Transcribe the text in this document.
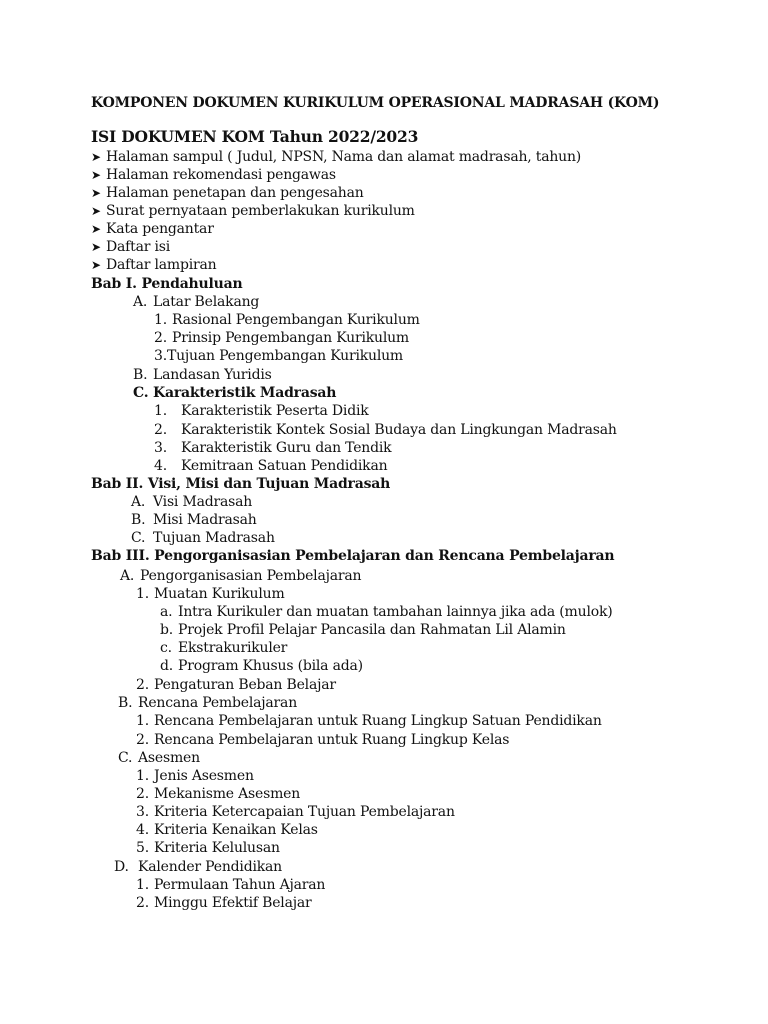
KOMPONEN DOKUMEN KURIKULUM OPERASIONAL MADRASAH (KOM)
ISI DOKUMEN KOM Tahun 2022/2023
➤ Halaman sampul ( Judul, NPSN, Nama dan alamat madrasah, tahun)
➤ Halaman rekomendasi pengawas
➤ Halaman penetapan dan pengesahan
➤ Surat pernyataan pemberlakukan kurikulum
➤ Kata pengantar
➤ Daftar isi
➤ Daftar lampiran
Bab I. Pendahuluan
A. Latar Belakang
1. Rasional Pengembangan Kurikulum
2. Prinsip Pengembangan Kurikulum
3.Tujuan Pengembangan Kurikulum
B. Landasan Yuridis
C. Karakteristik Madrasah
1. Karakteristik Peserta Didik
2. Karakteristik Kontek Sosial Budaya dan Lingkungan Madrasah
3. Karakteristik Guru dan Tendik
4. Kemitraan Satuan Pendidikan
Bab II. Visi, Misi dan Tujuan Madrasah
A. Visi Madrasah
B. Misi Madrasah
C. Tujuan Madrasah
Bab III. Pengorganisasian Pembelajaran dan Rencana Pembelajaran
A. Pengorganisasian Pembelajaran
1. Muatan Kurikulum
a. Intra Kurikuler dan muatan tambahan lainnya jika ada (mulok)
b. Projek Profil Pelajar Pancasila dan Rahmatan Lil Alamin
c. Ekstrakurikuler
d. Program Khusus (bila ada)
2. Pengaturan Beban Belajar
B. Rencana Pembelajaran
1. Rencana Pembelajaran untuk Ruang Lingkup Satuan Pendidikan
2. Rencana Pembelajaran untuk Ruang Lingkup Kelas
C. Asesmen
1. Jenis Asesmen
2. Mekanisme Asesmen
3. Kriteria Ketercapaian Tujuan Pembelajaran
4. Kriteria Kenaikan Kelas
5. Kriteria Kelulusan
D. Kalender Pendidikan
1. Permulaan Tahun Ajaran
2. Minggu Efektif Belajar
